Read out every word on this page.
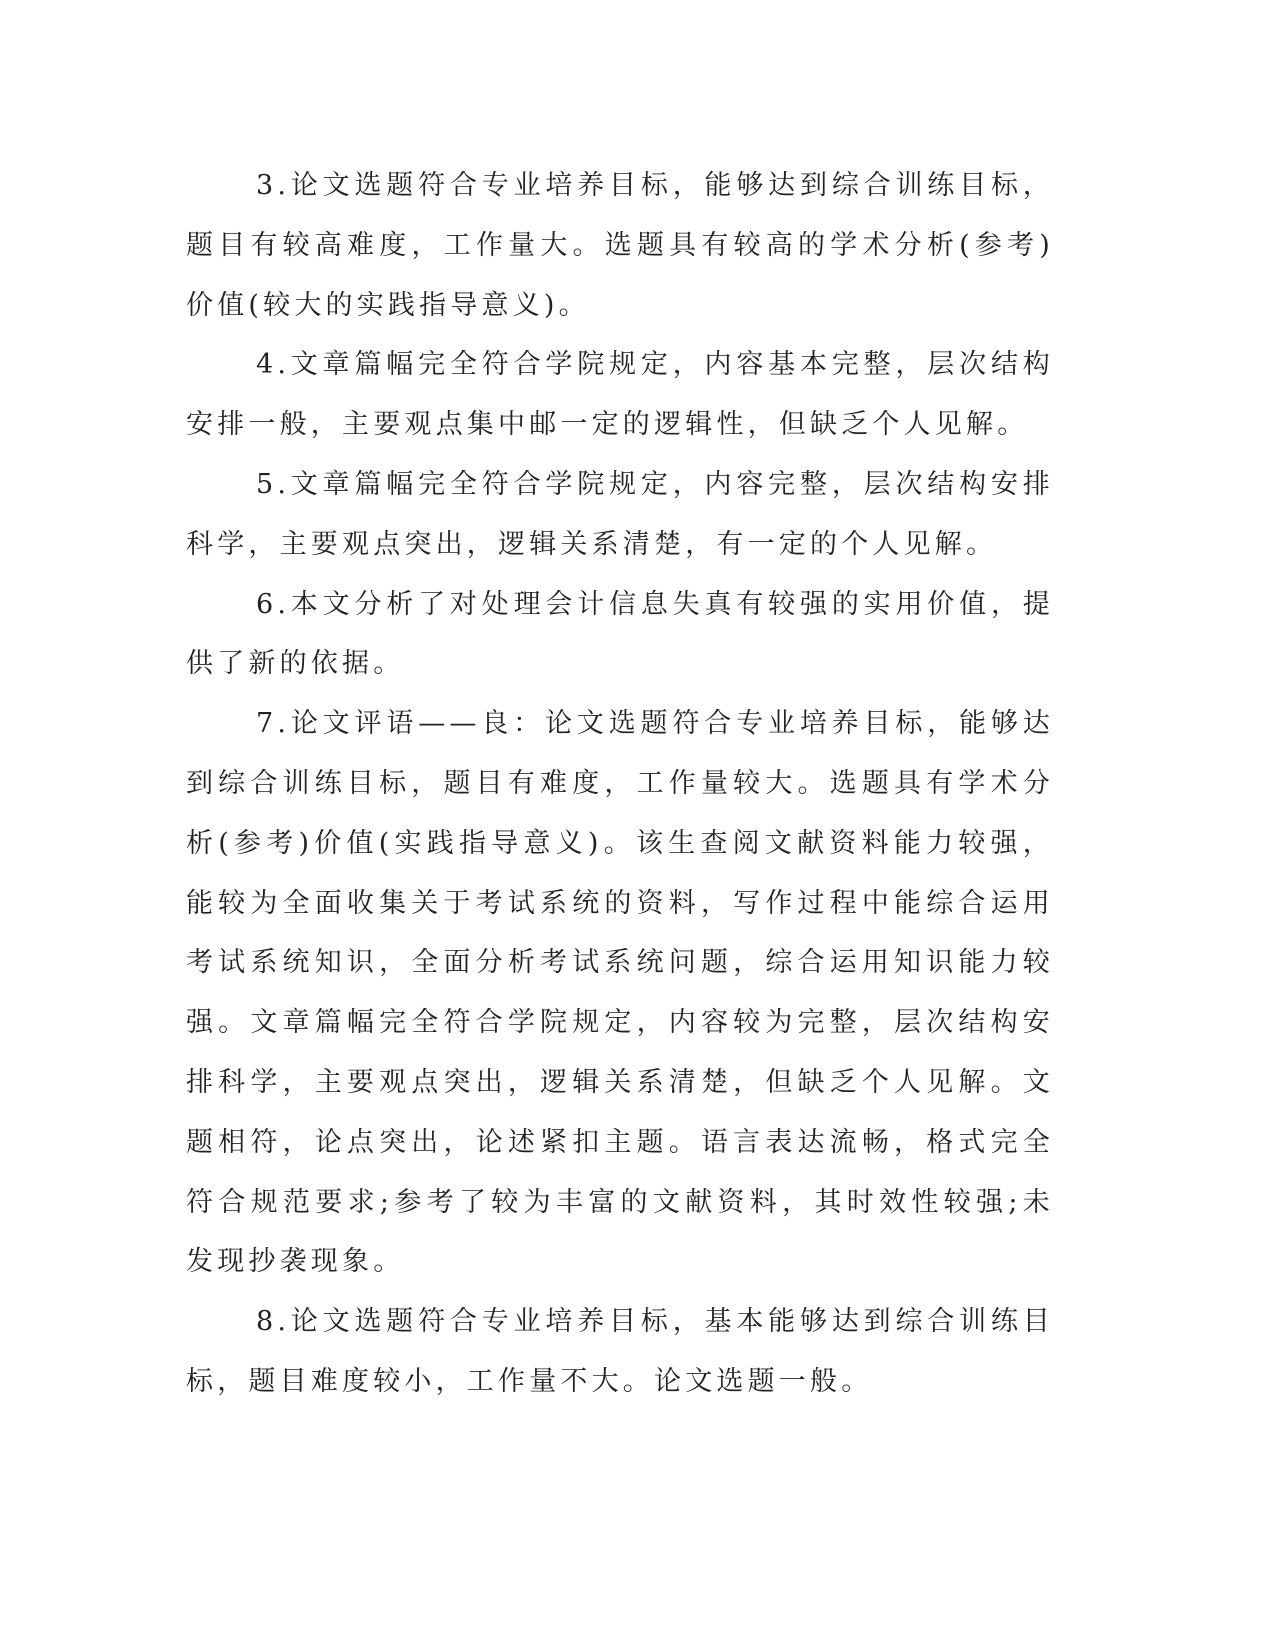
3.论文选题符合专业培养目标，能够达到综合训练目标，题目有较高难度，工作量大。选题具有较高的学术分析(参考)价值(较大的实践指导意义)。

4.文章篇幅完全符合学院规定，内容基本完整，层次结构安排一般，主要观点集中邮一定的逻辑性，但缺乏个人见解。

5.文章篇幅完全符合学院规定，内容完整，层次结构安排科学，主要观点突出，逻辑关系清楚，有一定的个人见解。

6.本文分析了对处理会计信息失真有较强的实用价值，提供了新的依据。

7.论文评语——良：论文选题符合专业培养目标，能够达到综合训练目标，题目有难度，工作量较大。选题具有学术分析(参考)价值(实践指导意义)。该生查阅文献资料能力较强，能较为全面收集关于考试系统的资料，写作过程中能综合运用考试系统知识，全面分析考试系统问题，综合运用知识能力较强。文章篇幅完全符合学院规定，内容较为完整，层次结构安排科学，主要观点突出，逻辑关系清楚，但缺乏个人见解。文题相符，论点突出，论述紧扣主题。语言表达流畅，格式完全符合规范要求;参考了较为丰富的文献资料，其时效性较强;未发现抄袭现象。

8.论文选题符合专业培养目标，基本能够达到综合训练目标，题目难度较小，工作量不大。论文选题一般。
